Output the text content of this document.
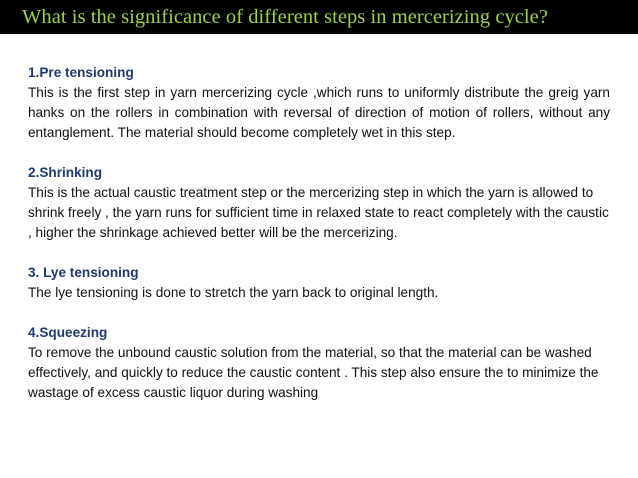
What is the significance of different steps in mercerizing cycle?
1.Pre tensioning
This is the first step in yarn mercerizing cycle ,which runs to uniformly distribute the greig yarn hanks on the rollers in combination with reversal of direction of motion of rollers, without any entanglement. The material should become completely wet in this step.
2.Shrinking
This is the actual caustic treatment step or the mercerizing step in which the yarn is allowed to shrink freely , the yarn runs for sufficient time in relaxed state to react completely with the caustic , higher the shrinkage achieved better will be the mercerizing.
3. Lye tensioning
The lye tensioning is done to stretch the yarn back to original length.
4.Squeezing
To remove the unbound caustic solution from the material, so that the material can be washed effectively, and quickly to reduce the caustic content . This step also ensure the to minimize the wastage of excess caustic liquor during washing
